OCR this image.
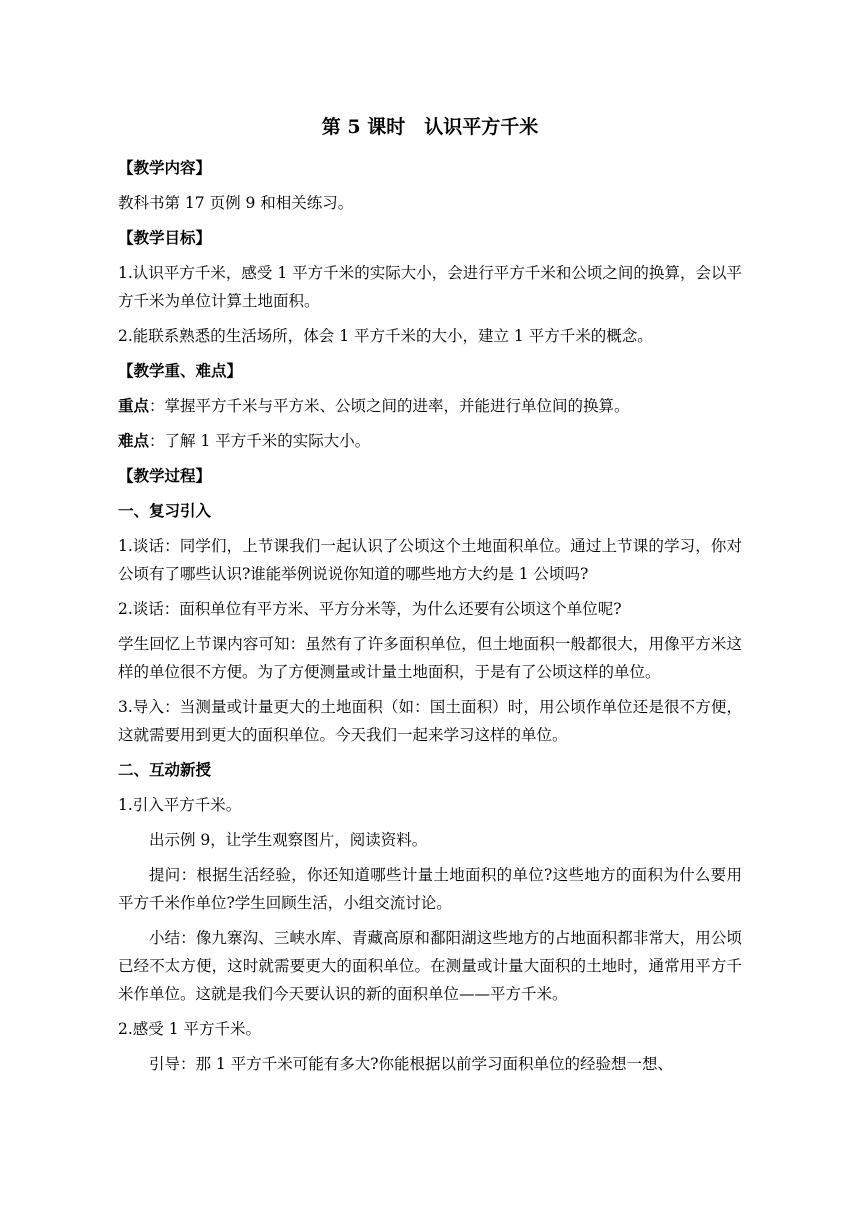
第 5 课时　认识平方千米
【教学内容】
教科书第 17 页例 9 和相关练习。
【教学目标】
1.认识平方千米，感受 1 平方千米的实际大小，会进行平方千米和公顷之间的换算，会以平方千米为单位计算土地面积。
2.能联系熟悉的生活场所，体会 1 平方千米的大小，建立 1 平方千米的概念。
【教学重、难点】
重点：掌握平方千米与平方米、公顷之间的进率，并能进行单位间的换算。
难点：了解 1 平方千米的实际大小。
【教学过程】
一、复习引入
1.谈话：同学们，上节课我们一起认识了公顷这个土地面积单位。通过上节课的学习，你对公顷有了哪些认识?谁能举例说说你知道的哪些地方大约是 1 公顷吗?
2.谈话：面积单位有平方米、平方分米等，为什么还要有公顷这个单位呢?
学生回忆上节课内容可知：虽然有了许多面积单位，但土地面积一般都很大，用像平方米这样的单位很不方便。为了方便测量或计量土地面积，于是有了公顷这样的单位。
3.导入：当测量或计量更大的土地面积（如：国土面积）时，用公顷作单位还是很不方便，这就需要用到更大的面积单位。今天我们一起来学习这样的单位。
二、互动新授
1.引入平方千米。
出示例 9，让学生观察图片，阅读资料。
提问：根据生活经验，你还知道哪些计量土地面积的单位?这些地方的面积为什么要用平方千米作单位?学生回顾生活，小组交流讨论。
小结：像九寨沟、三峡水库、青藏高原和鄱阳湖这些地方的占地面积都非常大，用公顷已经不太方便，这时就需要更大的面积单位。在测量或计量大面积的土地时，通常用平方千米作单位。这就是我们今天要认识的新的面积单位——平方千米。
2.感受 1 平方千米。
引导：那 1 平方千米可能有多大?你能根据以前学习面积单位的经验想一想、
